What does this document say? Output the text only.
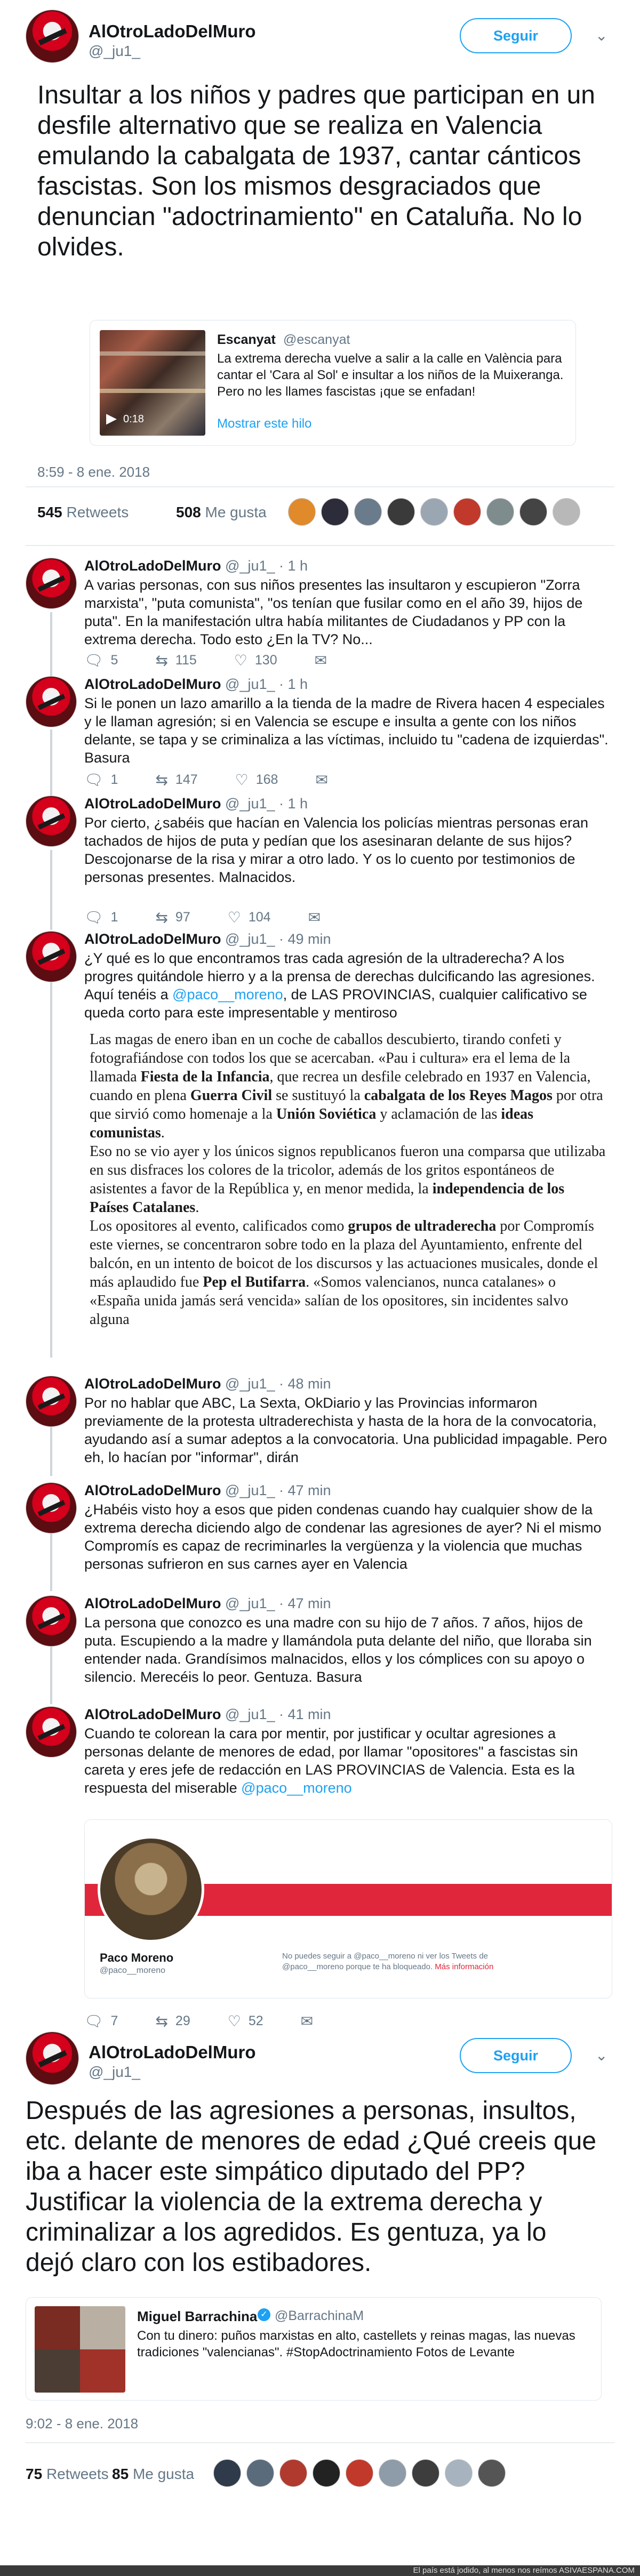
AlOtroLadoDelMuro
@_ju1_
Seguir	⌄
Insultar a los niños y padres que participan en un desfile alternativo que se realiza en Valencia emulando la cabalgata de 1937, cantar cánticos fascistas. Son los mismos desgraciados que denuncian "adoctrinamiento" en Cataluña. No lo olvides.
▶ 0:18
Escanyat @escanyat
La extrema derecha vuelve a salir a la calle en València para cantar el 'Cara al Sol' e insultar a los niños de la Muixeranga. Pero no les llames fascistas ¡que se enfadan!
Mostrar este hilo
8:59 - 8 ene. 2018
545 Retweets	508 Me gusta
AlOtroLadoDelMuro @_ju1_ · 1 h
A varias personas, con sus niños presentes las insultaron y escupieron "Zorra marxista", "puta comunista", "os tenían que fusilar como en el año 39, hijos de puta". En la manifestación ultra había militantes de Ciudadanos y PP con la extrema derecha. Todo esto ¿En la TV? No...
🗨 5	⇆ 115	♡ 130	✉
AlOtroLadoDelMuro @_ju1_ · 1 h
Si le ponen un lazo amarillo a la tienda de la madre de Rivera hacen 4 especiales y le llaman agresión; si en Valencia se escupe e insulta a gente con los niños delante, se tapa y se criminaliza a las víctimas, incluido tu "cadena de izquierdas". Basura
🗨 1	⇆ 147	♡ 168	✉
AlOtroLadoDelMuro @_ju1_ · 1 h
Por cierto, ¿sabéis que hacían en Valencia los policías mientras personas eran tachados de hijos de puta y pedían que los asesinaran delante de sus hijos? Descojonarse de la risa y mirar a otro lado. Y os lo cuento por testimonios de personas presentes. Malnacidos.
🗨 1	⇆ 97	♡ 104	✉
AlOtroLadoDelMuro @_ju1_ · 49 min
¿Y qué es lo que encontramos tras cada agresión de la ultraderecha? A los progres quitándole hierro y a la prensa de derechas dulcificando las agresiones. Aquí tenéis a @paco__moreno, de LAS PROVINCIAS, cualquier calificativo se queda corto para este impresentable y mentiroso
Las magas de enero iban en un coche de caballos descubierto, tirando confeti y fotografiándose con todos los que se acercaban. «Pau i cultura» era el lema de la llamada Fiesta de la Infancia, que recrea un desfile celebrado en 1937 en Valencia, cuando en plena Guerra Civil se sustituyó la cabalgata de los Reyes Magos por otra que sirvió como homenaje a la Unión Soviética y aclamación de las ideas comunistas.
Eso no se vio ayer y los únicos signos republicanos fueron una comparsa que utilizaba en sus disfraces los colores de la tricolor, además de los gritos espontáneos de asistentes a favor de la República y, en menor medida, la independencia de los Países Catalanes.
Los opositores al evento, calificados como grupos de ultraderecha por Compromís este viernes, se concentraron sobre todo en la plaza del Ayuntamiento, enfrente del balcón, en un intento de boicot de los discursos y las actuaciones musicales, donde el más aplaudido fue Pep el Butifarra. «Somos valencianos, nunca catalanes» o «España unida jamás será vencida» salían de los opositores, sin incidentes salvo alguna
AlOtroLadoDelMuro @_ju1_ · 48 min
Por no hablar que ABC, La Sexta, OkDiario y las Provincias informaron previamente de la protesta ultraderechista y hasta de la hora de la convocatoria, ayudando así a sumar adeptos a la convocatoria. Una publicidad impagable. Pero eh, lo hacían por "informar", dirán
AlOtroLadoDelMuro @_ju1_ · 47 min
¿Habéis visto hoy a esos que piden condenas cuando hay cualquier show de la extrema derecha diciendo algo de condenar las agresiones de ayer? Ni el mismo Compromís es capaz de recriminarles la vergüenza y la violencia que muchas personas sufrieron en sus carnes ayer en Valencia
AlOtroLadoDelMuro @_ju1_ · 47 min
La persona que conozco es una madre con su hijo de 7 años. 7 años, hijos de puta. Escupiendo a la madre y llamándola puta delante del niño, que lloraba sin entender nada. Grandísimos malnacidos, ellos y los cómplices con su apoyo o silencio. Merecéis lo peor. Gentuza. Basura
AlOtroLadoDelMuro @_ju1_ · 41 min
Cuando te colorean la cara por mentir, por justificar y ocultar agresiones a personas delante de menores de edad, por llamar "opositores" a fascistas sin careta y eres jefe de redacción en LAS PROVINCIAS de Valencia. Esta es la respuesta del miserable @paco__moreno
Paco Moreno
@paco__moreno
No puedes seguir a @paco__moreno ni ver los Tweets de @paco__moreno porque te ha bloqueado. Más información
🗨 7	⇆ 29	♡ 52	✉
AlOtroLadoDelMuro
@_ju1_
Seguir	⌄
Después de las agresiones a personas, insultos, etc. delante de menores de edad ¿Qué creeis que iba a hacer este simpático diputado del PP? Justificar la violencia de la extrema derecha y criminalizar a los agredidos. Es gentuza, ya lo dejó claro con los estibadores.
Miguel Barrachina ✓ @BarrachinaM
Con tu dinero: puños marxistas en alto, castellets y reinas magas, las nuevas tradiciones "valencianas". #StopAdoctrinamiento Fotos de Levante
9:02 - 8 ene. 2018
75 Retweets 85 Me gusta
El país está jodido, al menos nos reímos ASIVAESPANA.COM
